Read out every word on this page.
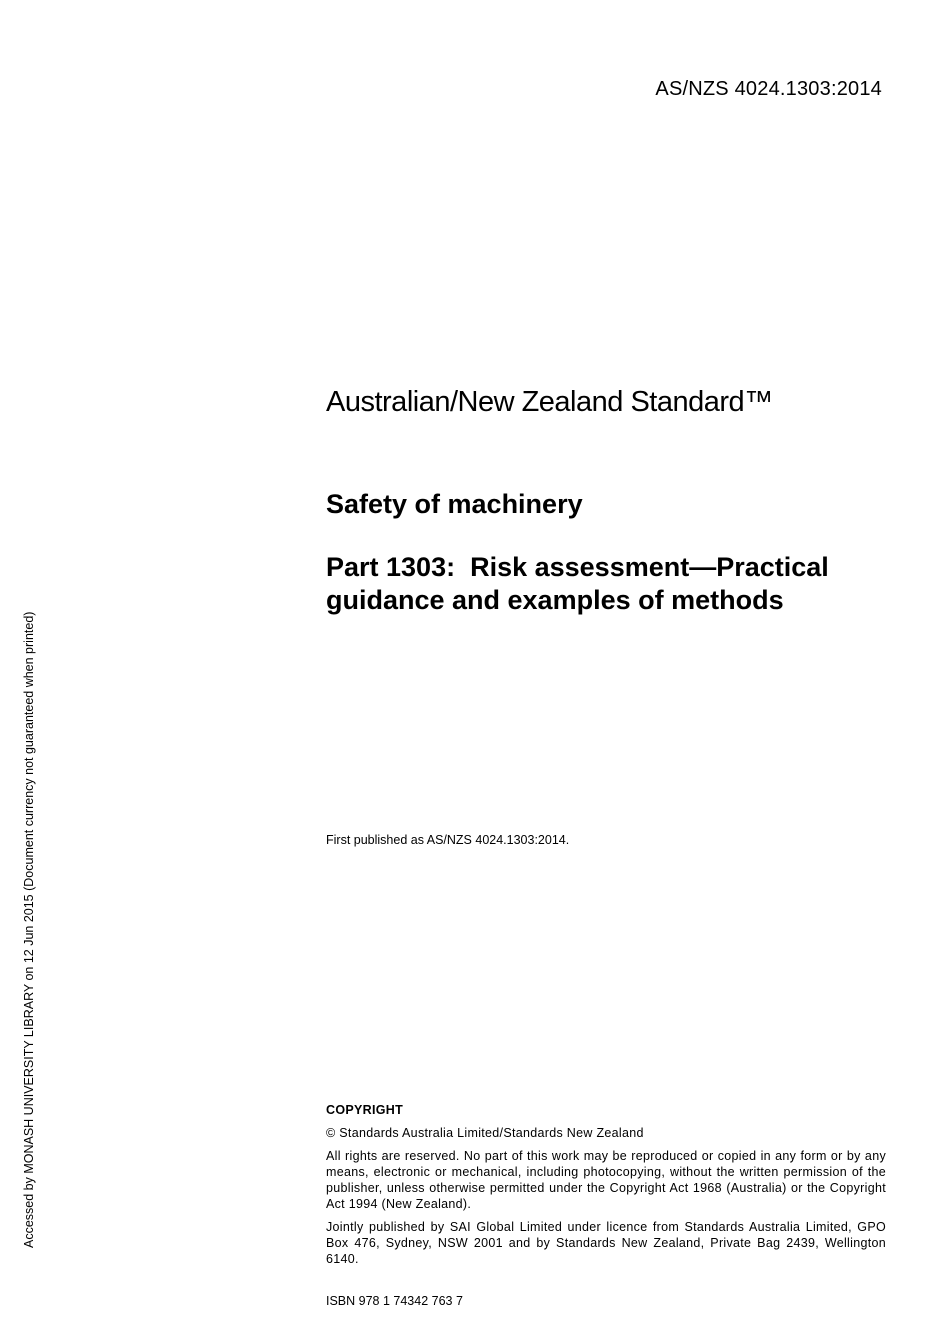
AS/NZS 4024.1303:2014
Accessed by MONASH UNIVERSITY LIBRARY on 12 Jun 2015 (Document currency not guaranteed when printed)
Australian/New Zealand Standard™
Safety of machinery
Part 1303:  Risk assessment—Practical
guidance and examples of methods
First published as AS/NZS 4024.1303:2014.

COPYRIGHT

© Standards Australia Limited/Standards New Zealand

All rights are reserved. No part of this work may be reproduced or copied in any form or by any means, electronic or mechanical, including photocopying, without the written permission of the publisher, unless otherwise permitted under the Copyright Act 1968 (Australia) or the Copyright Act 1994 (New Zealand).

Jointly published by SAI Global Limited under licence from Standards Australia Limited, GPO Box 476, Sydney, NSW 2001 and by Standards New Zealand, Private Bag 2439, Wellington 6140.

ISBN 978 1 74342 763 7
